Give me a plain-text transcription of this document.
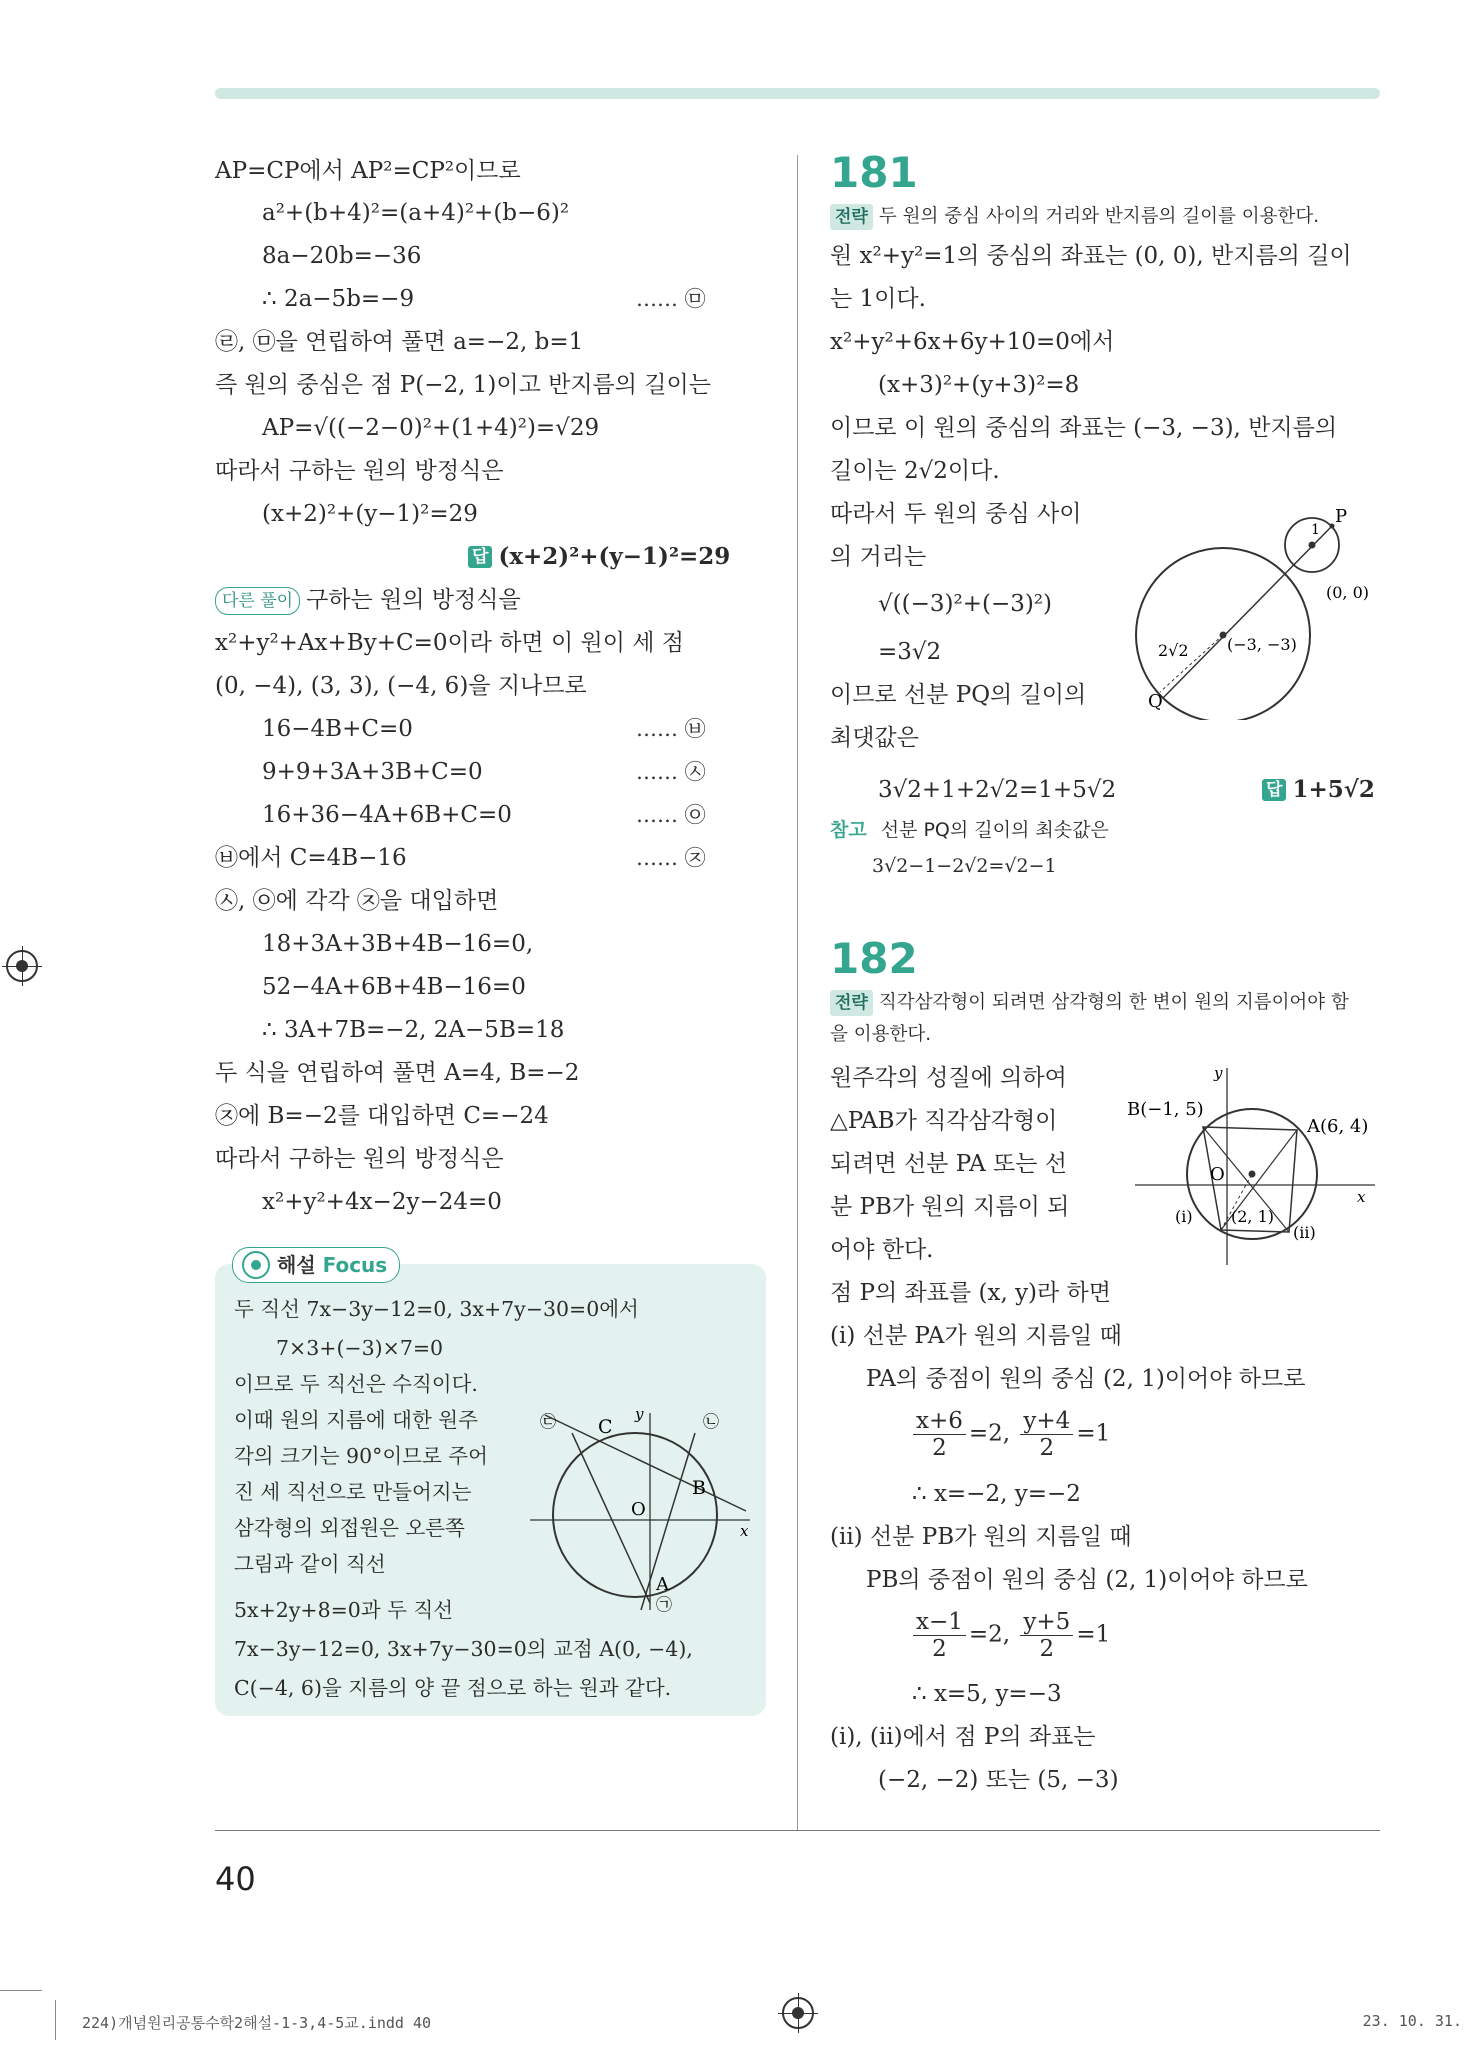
AP=CP에서 AP²=CP²이므로
a²+(b+4)²=(a+4)²+(b−6)²
8a−20b=−36
∴ 2a−5b=−9	…… ㉤
㉣, ㉤을 연립하여 풀면 a=−2, b=1
즉 원의 중심은 점 P(−2, 1)이고 반지름의 길이는
AP=√((−2−0)²+(1+4)²)=√29
따라서 구하는 원의 방정식은
(x+2)²+(y−1)²=29
답 (x+2)²+(y−1)²=29
다른 풀이 구하는 원의 방정식을
x²+y²+Ax+By+C=0이라 하면 이 원이 세 점
(0, −4), (3, 3), (−4, 6)을 지나므로
16−4B+C=0	…… ㉥
9+9+3A+3B+C=0	…… ㉦
16+36−4A+6B+C=0	…… ㉧
㉥에서 C=4B−16	…… ㉨
㉦, ㉧에 각각 ㉨을 대입하면
18+3A+3B+4B−16=0,
52−4A+6B+4B−16=0
∴ 3A+7B=−2, 2A−5B=18
두 식을 연립하여 풀면 A=4, B=−2
㉨에 B=−2를 대입하면 C=−24
따라서 구하는 원의 방정식은
x²+y²+4x−2y−24=0
해설 Focus
두 직선 7x−3y−12=0, 3x+7y−30=0에서
7×3+(−3)×7=0
이므로 두 직선은 수직이다.
이때 원의 지름에 대한 원주
각의 크기는 90°이므로 주어
진 세 직선으로 만들어지는
삼각형의 외접원은 오른쪽
그림과 같이 직선
5x+2y+8=0과 두 직선
7x−3y−12=0, 3x+7y−30=0의 교점 A(0, −4),
C(−4, 6)을 지름의 양 끝 점으로 하는 원과 같다.
㉢ C
y	㉡
B
O
x
A
㉠
181
전략 두 원의 중심 사이의 거리와 반지름의 길이를 이용한다.
원 x²+y²=1의 중심의 좌표는 (0, 0), 반지름의 길이
는 1이다.
x²+y²+6x+6y+10=0에서
(x+3)²+(y+3)²=8
이므로 이 원의 중심의 좌표는 (−3, −3), 반지름의
길이는 2√2이다.
따라서 두 원의 중심 사이
의 거리는
√((−3)²+(−3)²)
=3√2
이므로 선분 PQ의 길이의
최댓값은
3√2+1+2√2=1+5√2	답 1+5√2
참고 선분 PQ의 길이의 최솟값은
3√2−1−2√2=√2−1
P
1
(0, 0)
2√2 (−3, −3)
Q
182
전략 직각삼각형이 되려면 삼각형의 한 변이 원의 지름이어야 함
을 이용한다.
원주각의 성질에 의하여
△PAB가 직각삼각형이
되려면 선분 PA 또는 선
분 PB가 원의 지름이 되
어야 한다.
점 P의 좌표를 (x, y)라 하면
(i) 선분 PA가 원의 지름일 때
PA의 중점이 원의 중심 (2, 1)이어야 하므로
$\frac{x+6}{2} =2$, $\frac{y+4}{2} =1$
∴ x=−2, y=−2
(ii) 선분 PB가 원의 지름일 때
PB의 중점이 원의 중심 (2, 1)이어야 하므로
$\frac{x-1}{2} =2$, $\frac{y+5}{2} =1$
∴ x=5, y=−3
(i), (ii)에서 점 P의 좌표는
(−2, −2) 또는 (5, −3)
y
B(−1, 5)
A(6, 4)
O
x
(i) (2, 1)
(ii)
40
224)개념원리공통수학2해설-1-3,4-5교.indd 40	23. 10. 31.
